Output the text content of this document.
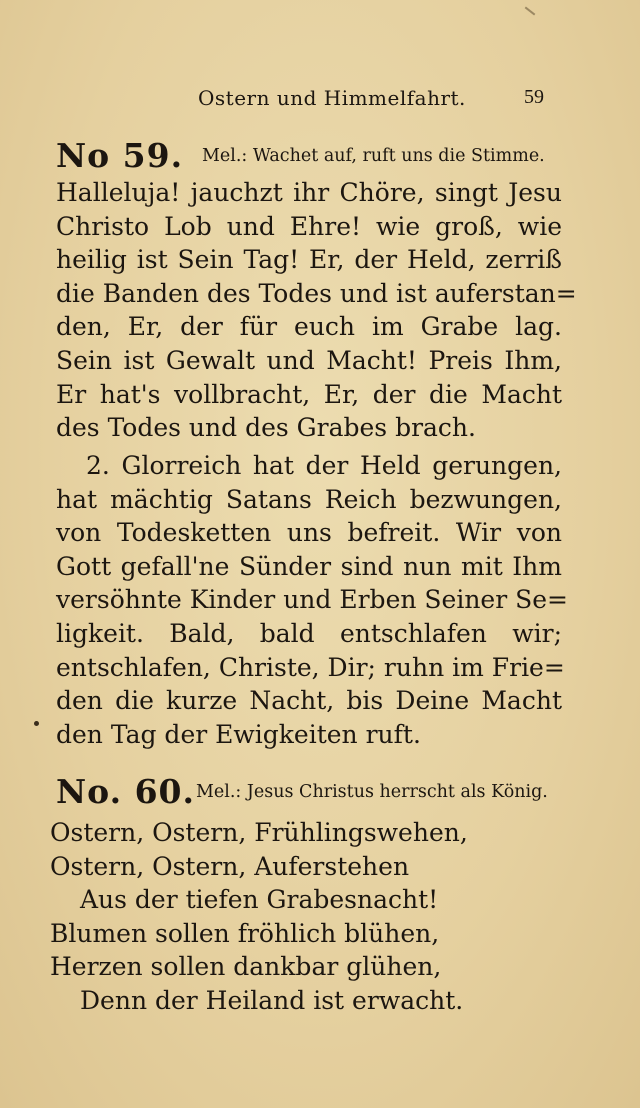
Ostern und Himmelfahrt.	59
No 59. Mel.: Wachet auf, ruft uns die Stimme.
Halleluja! jauchzt ihr Chöre, singt Jesu
Christo Lob und Ehre! wie groß, wie
heilig ist Sein Tag! Er, der Held, zerriß
die Banden des Todes und ist auferstan=
den, Er, der für euch im Grabe lag.
Sein ist Gewalt und Macht! Preis Ihm,
Er hat's vollbracht, Er, der die Macht
des Todes und des Grabes brach.
2. Glorreich hat der Held gerungen,
hat mächtig Satans Reich bezwungen,
von Todesketten uns befreit. Wir von
Gott gefall'ne Sünder sind nun mit Ihm
versöhnte Kinder und Erben Seiner Se=
ligkeit. Bald, bald entschlafen wir;
entschlafen, Christe, Dir; ruhn im Frie=
den die kurze Nacht, bis Deine Macht
den Tag der Ewigkeiten ruft.
No. 60. Mel.: Jesus Christus herrscht als König.
Ostern, Ostern, Frühlingswehen,
Ostern, Ostern, Auferstehen
Aus der tiefen Grabesnacht!
Blumen sollen fröhlich blühen,
Herzen sollen dankbar glühen,
Denn der Heiland ist erwacht.
